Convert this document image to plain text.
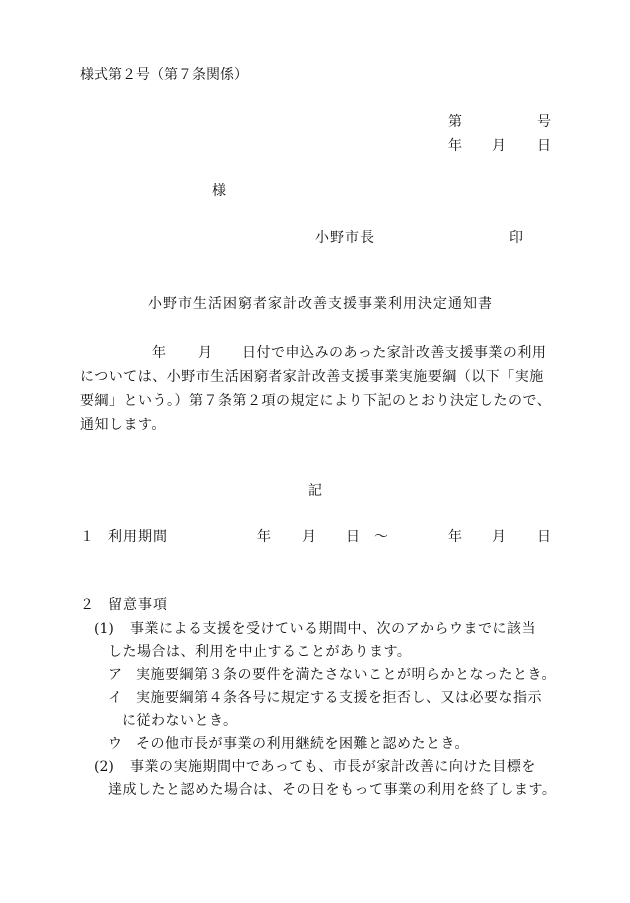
様式第２号（第７条関係）
第	号
年 月 日
様
小野市長	印
小野市生活困窮者家計改善支援事業利用決定通知書
年 月 日付で申込みのあった家計改善支援事業の利用
については、小野市生活困窮者家計改善支援事業実施要綱（以下「実施
要綱」という。）第７条第２項の規定により下記のとおり決定したので、
通知します。
記
１ 利用期間	年 月 日 ～	年 月 日
２ 留意事項
(1) 事業による支援を受けている期間中、次のアからウまでに該当
した場合は、利用を中止することがあります。
ア 実施要綱第３条の要件を満たさないことが明らかとなったとき。
イ 実施要綱第４条各号に規定する支援を拒否し、又は必要な指示
に従わないとき。
ウ その他市長が事業の利用継続を困難と認めたとき。
(2) 事業の実施期間中であっても、市長が家計改善に向けた目標を
達成したと認めた場合は、その日をもって事業の利用を終了します。
